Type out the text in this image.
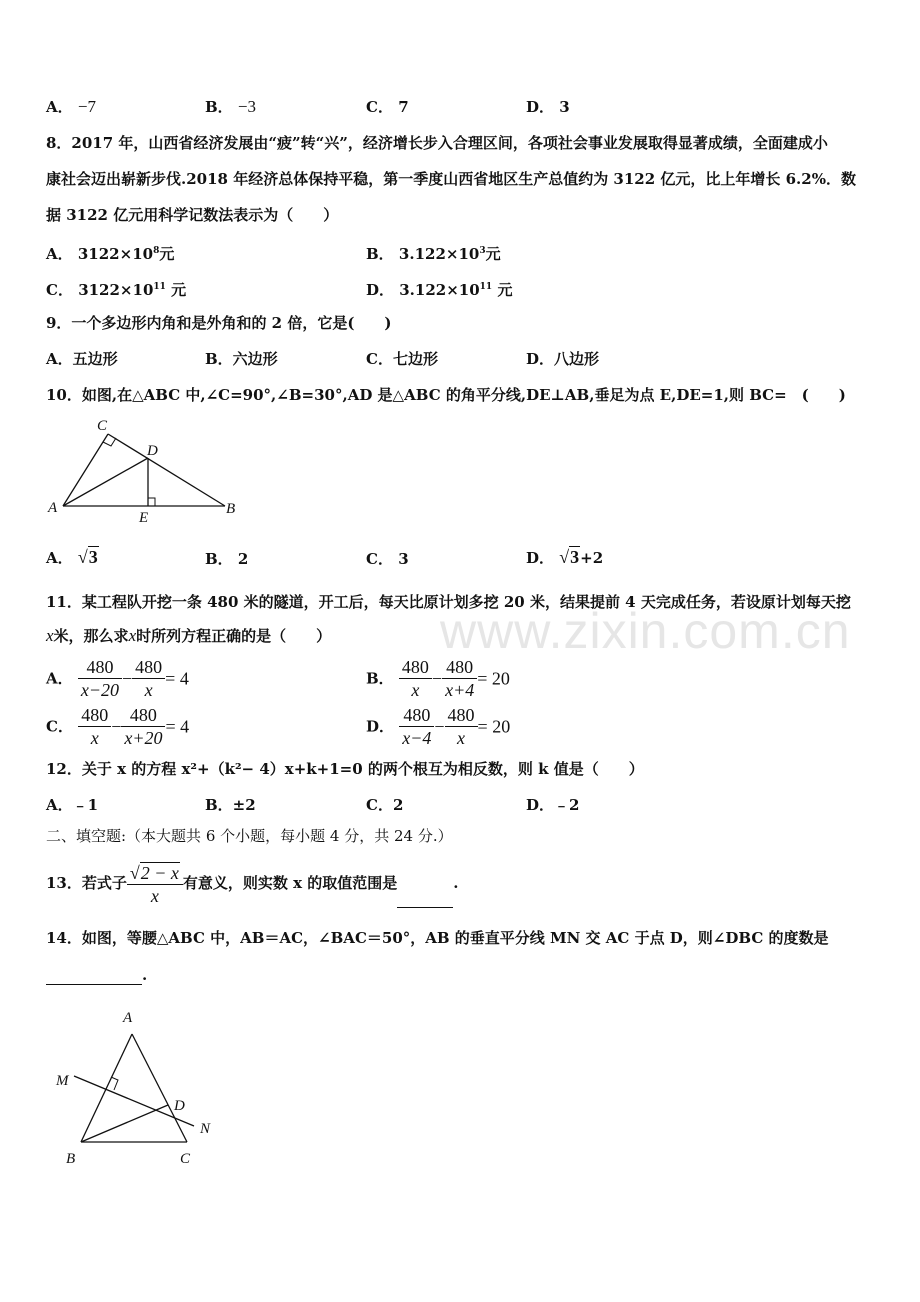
www.zixin.com.cn
A． −7	B． −3	C． 7	D． 3
8．2017 年，山西省经济发展由“疲”转“兴”，经济增长步入合理区间，各项社会事业发展取得显著成绩，全面建成小
康社会迈出崭新步伐.2018 年经济总体保持平稳，第一季度山西省地区生产总值约为 3122 亿元，比上年增长 6.2%．数
据 3122 亿元用科学记数法表示为（　　）
A． $3122\times 10^8$元	B． $3.122\times 10^3$元
C． $3122\times 10^{11}$ 元	D． $3.122\times 10^{11}$ 元
9．一个多边形内角和是外角和的 2 倍，它是(　　)
A．五边形	B．六边形	C．七边形	D．八边形
10．如图,在△ABC 中,∠C=90°,∠B=30°,AD 是△ABC 的角平分线,DE⊥AB,垂足为点 E,DE=1,则 BC=　(　　)
A	B
C
D
E
A． √3	B． 2	C． 3	D． √3+2
11．某工程队开挖一条 480 米的隧道，开工后，每天比原计划多挖 20 米，结果提前 4 天完成任务，若设原计划每天挖
x米，那么求x时所列方程正确的是（　　）
A． $\frac{480}{x-20} - \frac{480}{x} = 4$	B． $\frac{480}{x} - \frac{480}{x+4} = 20$
C． $\frac{480}{x} - \frac{480}{x+20} = 4$	D． $\frac{480}{x-4} - \frac{480}{x} = 20$
12．关于 x 的方程 x²+（k²− 4）x+k+1=0 的两个根互为相反数，则 k 值是（　　）
A．﹣1	B．±2	C．2	D．﹣2
二、填空题:（本大题共 6 个小题，每小题 4 分，共 24 分.）
13．若式子 $\frac{√2 - x}{x}$ 有意义，则实数 x 的取值范围是	.
14．如图，等腰△ABC 中，AB＝AC，∠BAC＝50°，AB 的垂直平分线 MN 交 AC 于点 D，则∠DBC 的度数是
.
A
M
D
N
B	C
